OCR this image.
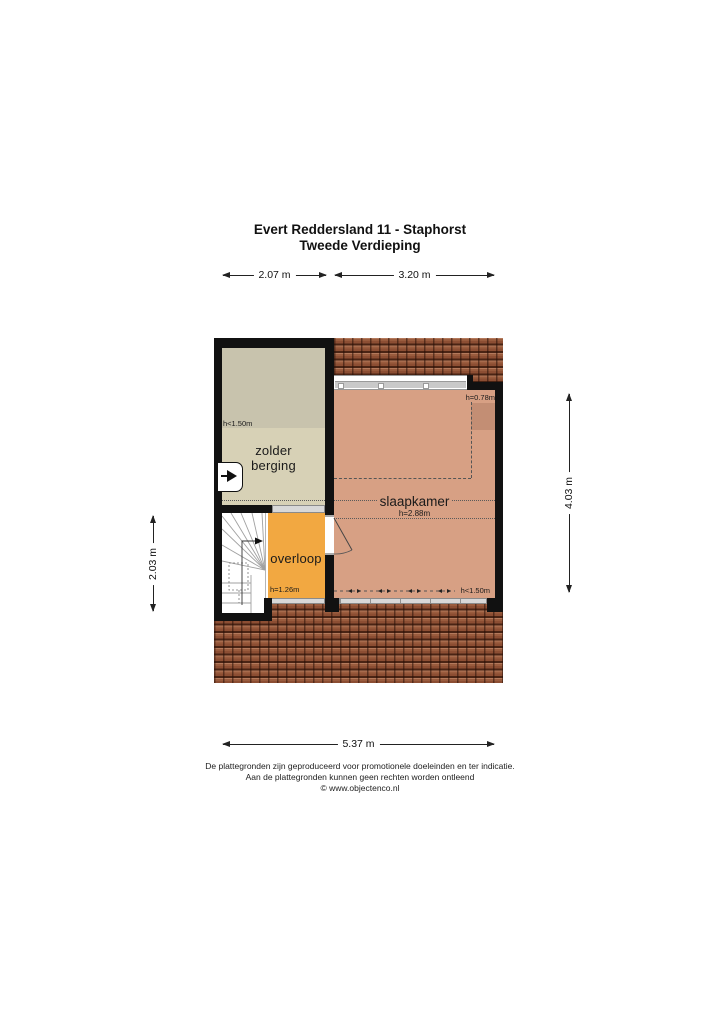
Evert Reddersland 11 - Staphorst
Tweede Verdieping
2.07 m	3.20 m
h<1.50m
zolder
berging
h=0.78m
slaapkamer
h=2.88m
h<1.50m
overloop
h=1.26m
4.03 m
2.03 m
5.37 m
De plattegronden zijn geproduceerd voor promotionele doeleinden en ter indicatie.
Aan de plattegronden kunnen geen rechten worden ontleend
© www.objectenco.nl
